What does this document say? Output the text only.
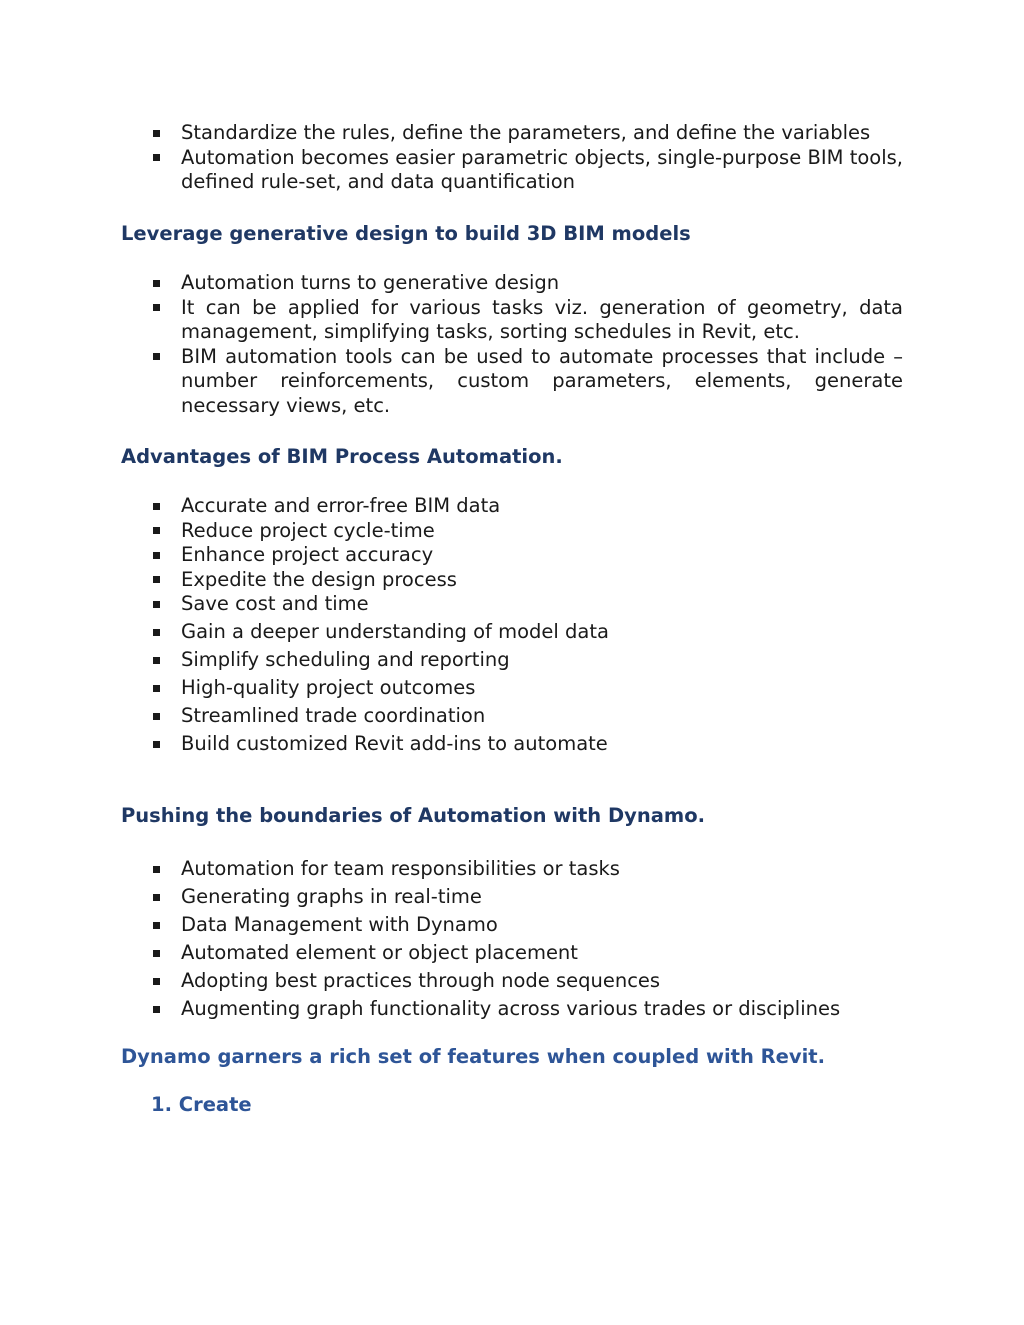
Standardize the rules, define the parameters, and define the variables
Automation becomes easier parametric objects, single-purpose BIM tools, defined rule-set, and data quantification
Leverage generative design to build 3D BIM models
Automation turns to generative design
It can be applied for various tasks viz. generation of geometry, data management, simplifying tasks, sorting schedules in Revit, etc.
BIM automation tools can be used to automate processes that include – number reinforcements, custom parameters, elements, generate necessary views, etc.
Advantages of BIM Process Automation.
Accurate and error-free BIM data
Reduce project cycle-time
Enhance project accuracy
Expedite the design process
Save cost and time
Gain a deeper understanding of model data
Simplify scheduling and reporting
High-quality project outcomes
Streamlined trade coordination
Build customized Revit add-ins to automate
Pushing the boundaries of Automation with Dynamo.
Automation for team responsibilities or tasks
Generating graphs in real-time
Data Management with Dynamo
Automated element or object placement
Adopting best practices through node sequences
Augmenting graph functionality across various trades or disciplines
Dynamo garners a rich set of features when coupled with Revit.

1. Create
